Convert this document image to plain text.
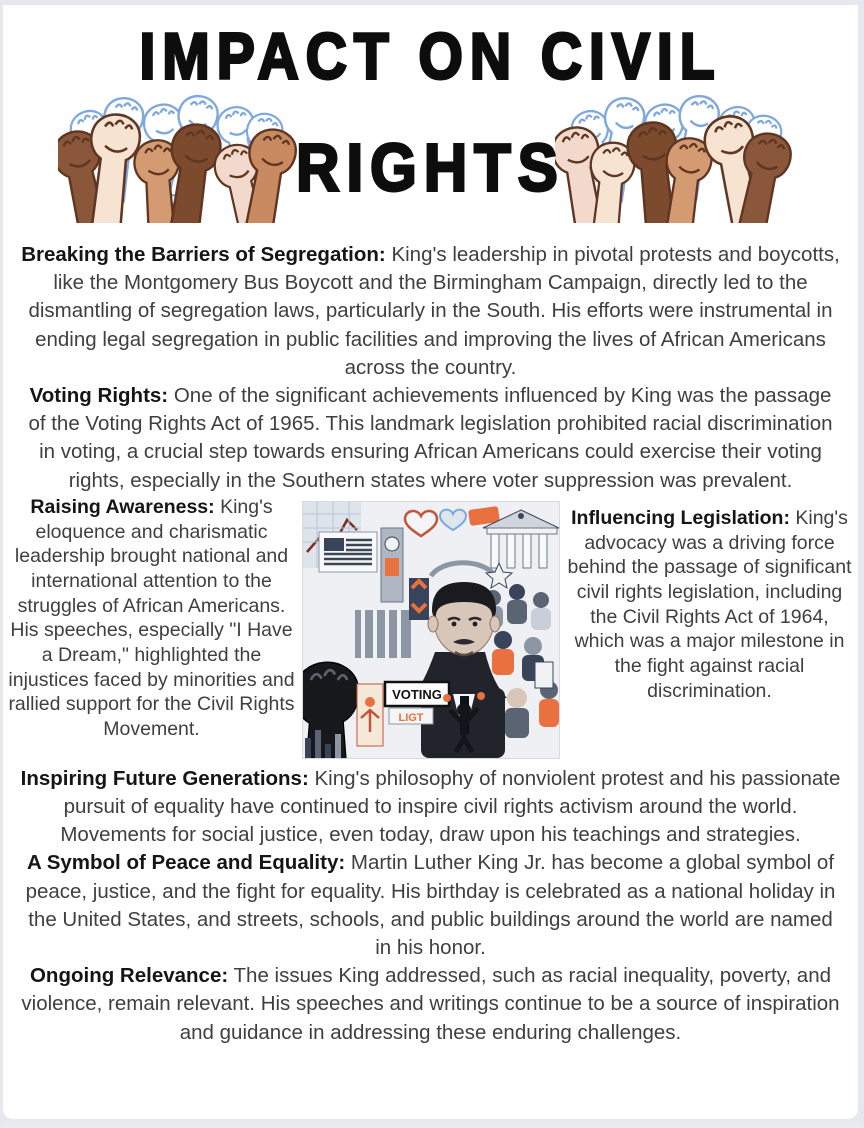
IMPACT ON CIVIL
RIGHTS

Breaking the Barriers of Segregation: King's leadership in pivotal protests and boycotts, like the Montgomery Bus Boycott and the Birmingham Campaign, directly led to the dismantling of segregation laws, particularly in the South. His efforts were instrumental in ending legal segregation in public facilities and improving the lives of African Americans across the country.

Voting Rights: One of the significant achievements influenced by King was the passage of the Voting Rights Act of 1965. This landmark legislation prohibited racial discrimination in voting, a crucial step towards ensuring African Americans could exercise their voting rights, especially in the Southern states where voter suppression was prevalent.

Raising Awareness: King's eloquence and charismatic leadership brought national and international attention to the struggles of African Americans. His speeches, especially "I Have a Dream," highlighted the injustices faced by minorities and rallied support for the Civil Rights Movement.

VOTING
LIGT

Influencing Legislation: King's advocacy was a driving force behind the passage of significant civil rights legislation, including the Civil Rights Act of 1964, which was a major milestone in the fight against racial discrimination.

Inspiring Future Generations: King's philosophy of nonviolent protest and his passionate pursuit of equality have continued to inspire civil rights activism around the world. Movements for social justice, even today, draw upon his teachings and strategies.

A Symbol of Peace and Equality: Martin Luther King Jr. has become a global symbol of peace, justice, and the fight for equality. His birthday is celebrated as a national holiday in the United States, and streets, schools, and public buildings around the world are named in his honor.

Ongoing Relevance: The issues King addressed, such as racial inequality, poverty, and violence, remain relevant. His speeches and writings continue to be a source of inspiration and guidance in addressing these enduring challenges.
